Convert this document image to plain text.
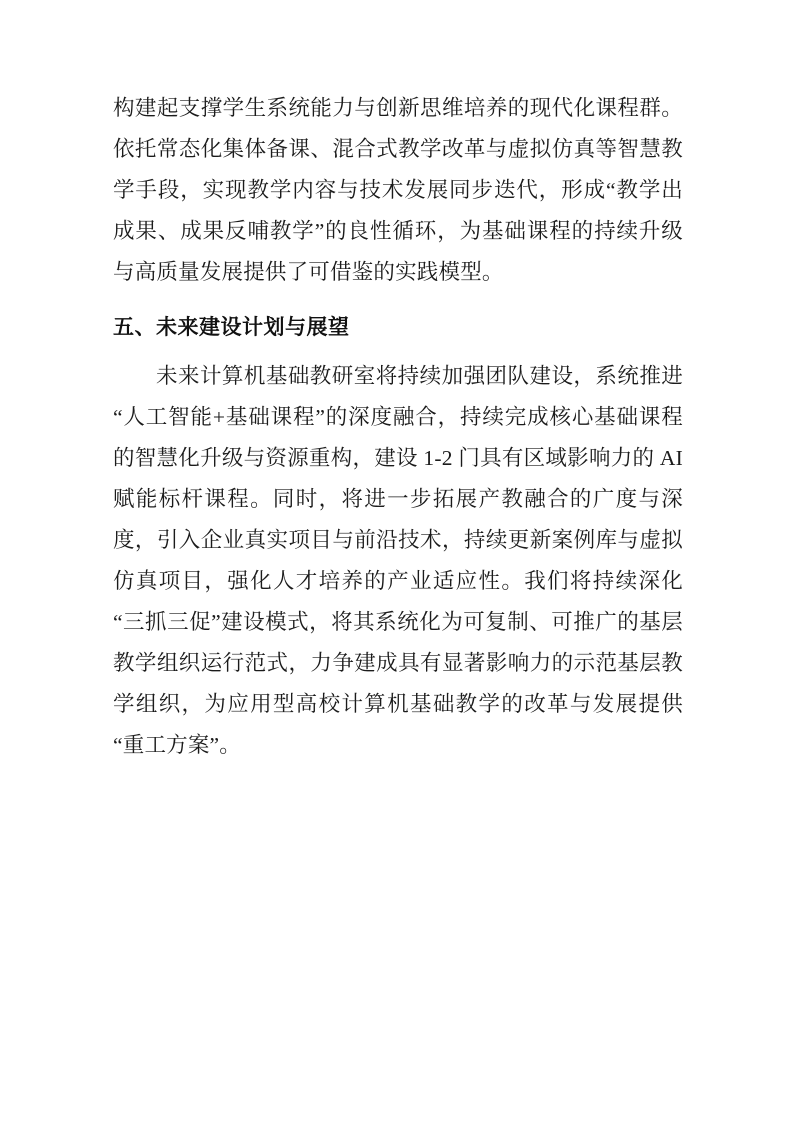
构建起支撑学生系统能力与创新思维培养的现代化课程群。依托常态化集体备课、混合式教学改革与虚拟仿真等智慧教学手段，实现教学内容与技术发展同步迭代，形成“教学出成果、成果反哺教学”的良性循环，为基础课程的持续升级与高质量发展提供了可借鉴的实践模型。

五、未来建设计划与展望

未来计算机基础教研室将持续加强团队建设，系统推进“人工智能+基础课程”的深度融合，持续完成核心基础课程的智慧化升级与资源重构，建设 1-2 门具有区域影响力的 AI 赋能标杆课程。同时，将进一步拓展产教融合的广度与深度，引入企业真实项目与前沿技术，持续更新案例库与虚拟仿真项目，强化人才培养的产业适应性。我们将持续深化“三抓三促”建设模式，将其系统化为可复制、可推广的基层教学组织运行范式，力争建成具有显著影响力的示范基层教学组织，为应用型高校计算机基础教学的改革与发展提供“重工方案”。
